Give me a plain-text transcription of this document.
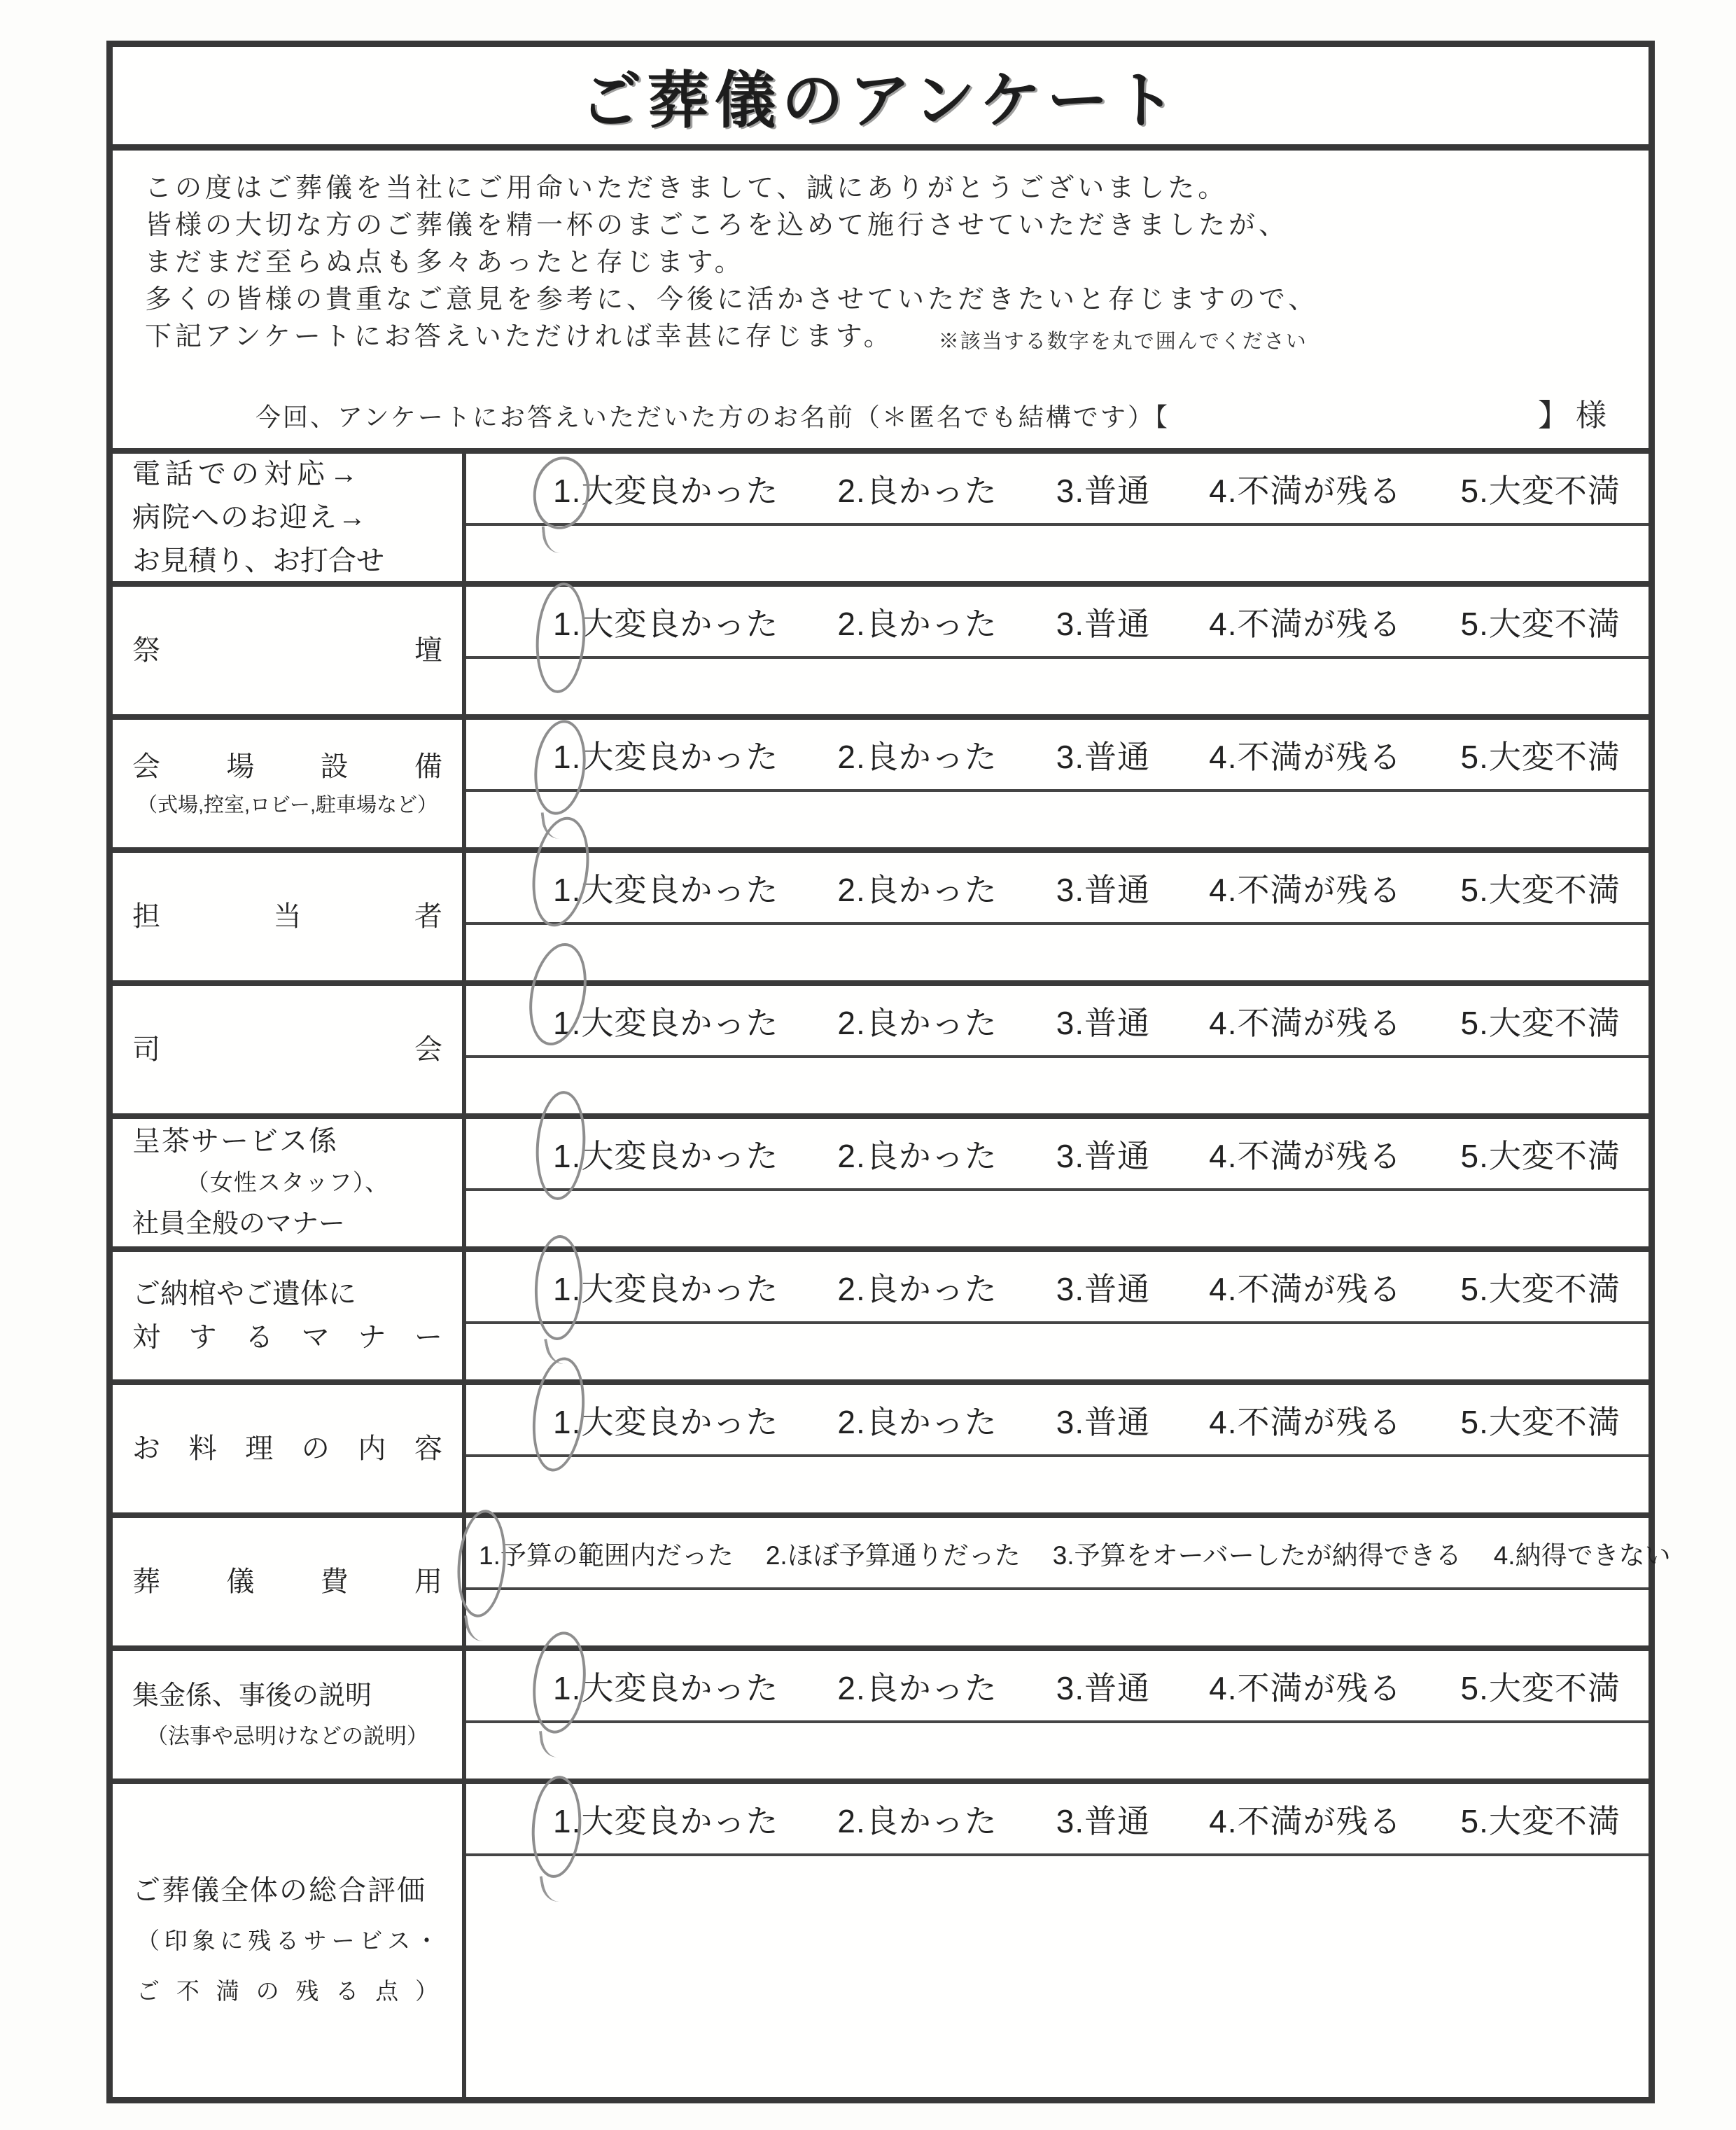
ご葬儀のアンケート

この度はご葬儀を当社にご用命いただきまして、誠にありがとうございました。

皆様の大切な方のご葬儀を精一杯のまごころを込めて施行させていただきましたが、

まだまだ至らぬ点も多々あったと存じます。

多くの皆様の貴重なご意見を参考に、今後に活かさせていただきたいと存じますので、

下記アンケートにお答えいただければ幸甚に存じます。 ※該当する数字を丸で囲んでください

今回、アンケートにお答えいただいた方のお名前（＊匿名でも結構です）【	】様
電話での対応→
病院へのお迎え→
お見積り、お打合せ
1.大変良かった 2.良かった 3.普通 4.不満が残る 5.大変不満
祭壇
1.大変良かった 2.良かった 3.普通 4.不満が残る 5.大変不満
会場設備
（式場,控室,ロビー,駐車場など）
1.大変良かった 2.良かった 3.普通 4.不満が残る 5.大変不満
担当者
1.大変良かった 2.良かった 3.普通 4.不満が残る 5.大変不満
司会
1.大変良かった 2.良かった 3.普通 4.不満が残る 5.大変不満
呈茶サービス係
（女性スタッフ）、
社員全般のマナー
1.大変良かった 2.良かった 3.普通 4.不満が残る 5.大変不満
ご納棺やご遺体に
対するマナー
1.大変良かった 2.良かった 3.普通 4.不満が残る 5.大変不満
お料理の内容
1.大変良かった 2.良かった 3.普通 4.不満が残る 5.大変不満
葬儀費用
1.予算の範囲内だった 2.ほぼ予算通りだった 3.予算をオーバーしたが納得できる 4.納得できない
集金係、事後の説明
（法事や忌明けなどの説明）
1.大変良かった 2.良かった 3.普通 4.不満が残る 5.大変不満
ご葬儀全体の総合評価
（印象に残るサービス・
ご不満の残る点）
1.大変良かった 2.良かった 3.普通 4.不満が残る 5.大変不満
